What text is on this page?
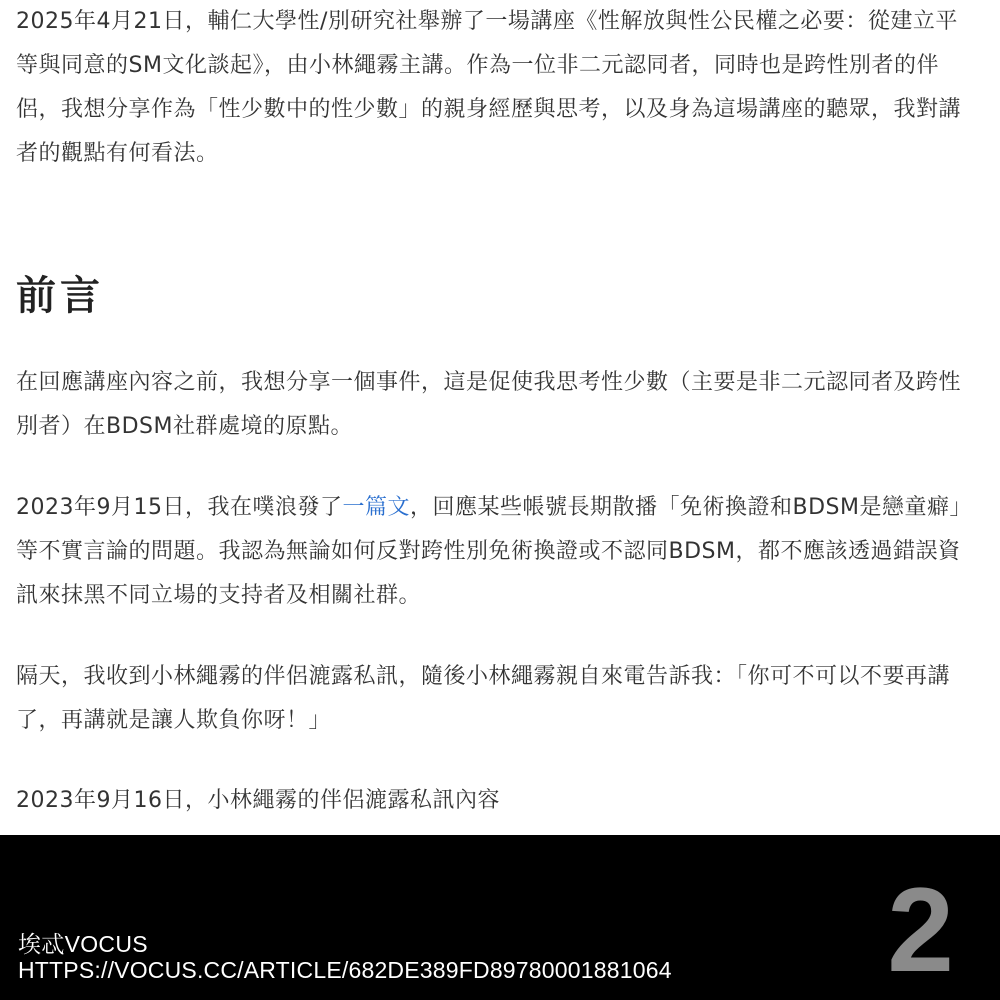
2025年4月21日，輔仁大學性/別研究社舉辦了一場講座《性解放與性公民權之必要：從建立平等與同意的SM文化談起》，由小林繩霧主講。作為一位非二元認同者，同時也是跨性別者的伴侶，我想分享作為「性少數中的性少數」的親身經歷與思考，以及身為這場講座的聽眾，我對講者的觀點有何看法。

前言

在回應講座內容之前，我想分享一個事件，這是促使我思考性少數（主要是非二元認同者及跨性別者）在BDSM社群處境的原點。

2023年9月15日，我在噗浪發了一篇文，回應某些帳號長期散播「免術換證和BDSM是戀童癖」等不實言論的問題。我認為無論如何反對跨性別免術換證或不認同BDSM，都不應該透過錯誤資訊來抹黑不同立場的支持者及相關社群。

隔天，我收到小林繩霧的伴侶漉露私訊，隨後小林繩霧親自來電告訴我：「你可不可以不要再講了，再講就是讓人欺負你呀！」

2023年9月16日，小林繩霧的伴侶漉露私訊內容

埃忒VOCUS
HTTPS://VOCUS.CC/ARTICLE/682DE389FD89780001881064 2
